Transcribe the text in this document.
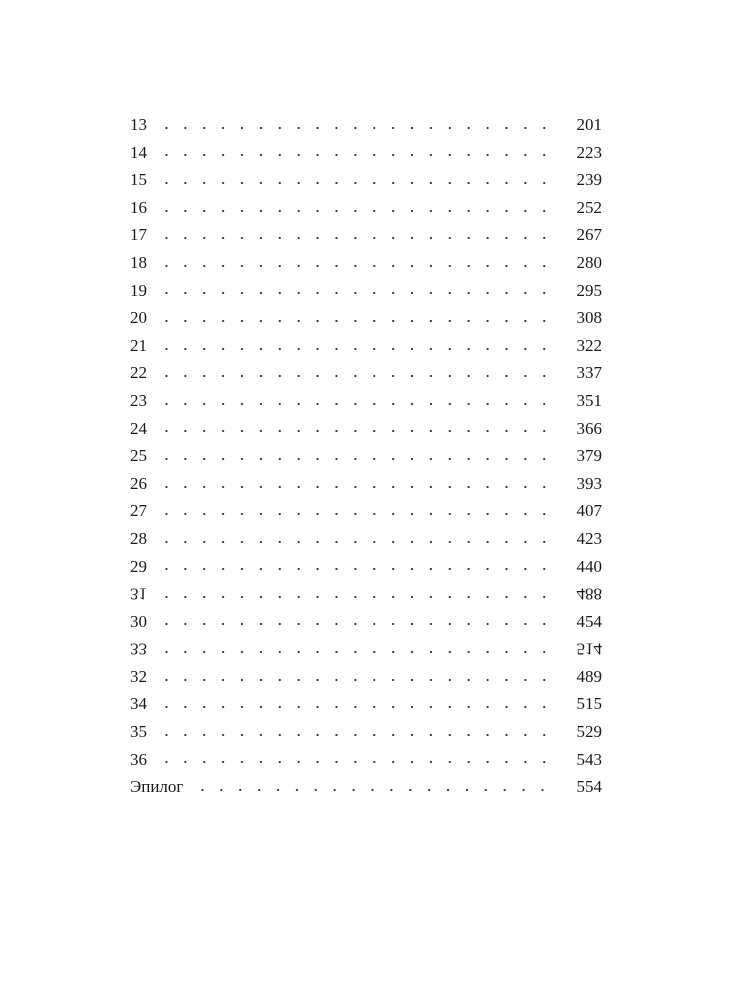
13	201
14	223
15	239
16	252
17	267
18	280
19	295
20	308
21	322
22	337
23	351
24	366
25	379
26	393
27	407
28	423
29	440
31	488
30	454
33	514
32	489
34	515
35	529
36	543
Эпилог	554
